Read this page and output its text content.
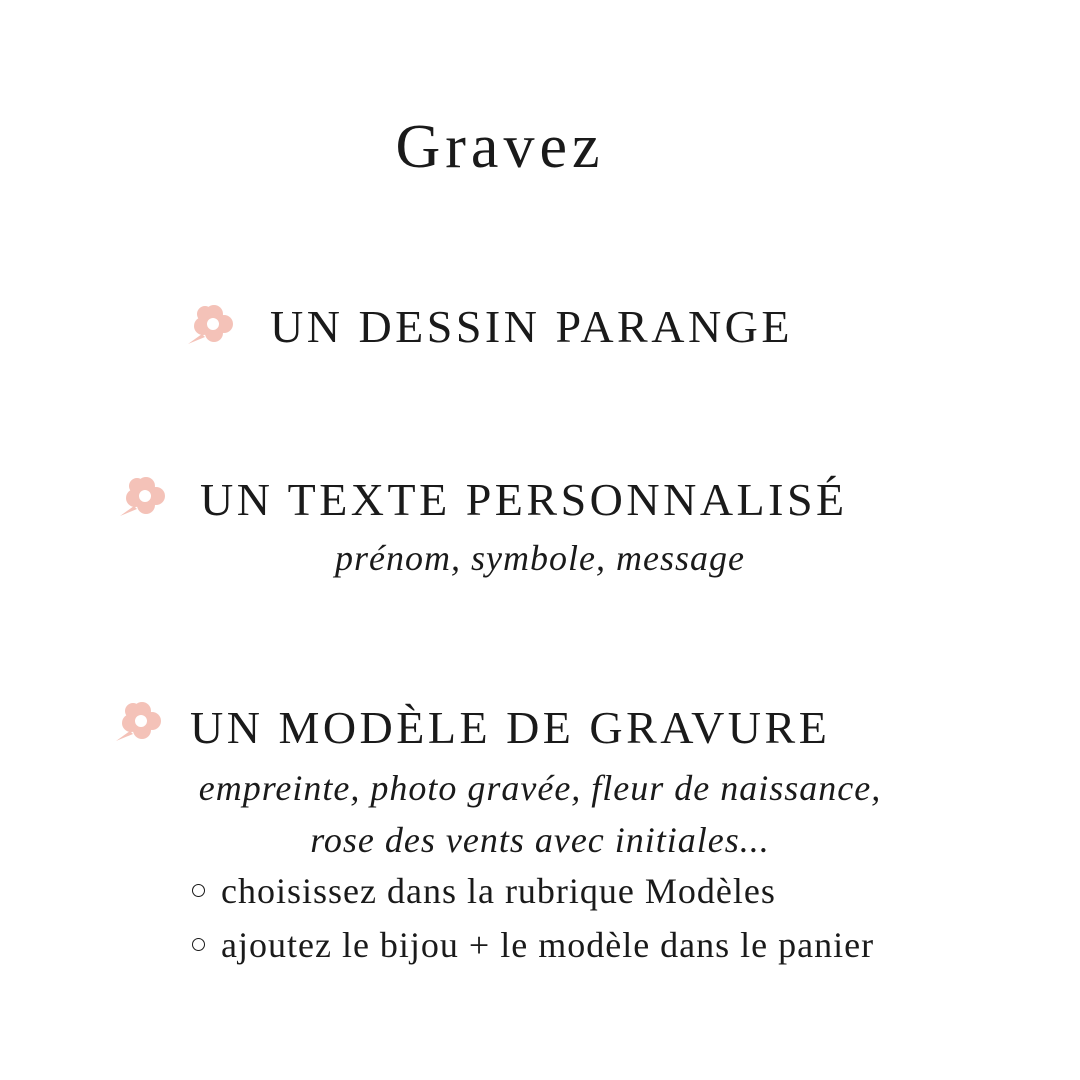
Gravez
UN DESSIN PARANGE
UN TEXTE PERSONNALISÉ
prénom, symbole, message
UN MODÈLE DE GRAVURE
empreinte, photo gravée, fleur de naissance,
rose des vents avec initiales...
choisissez dans la rubrique Modèles
ajoutez le bijou + le modèle dans le panier
